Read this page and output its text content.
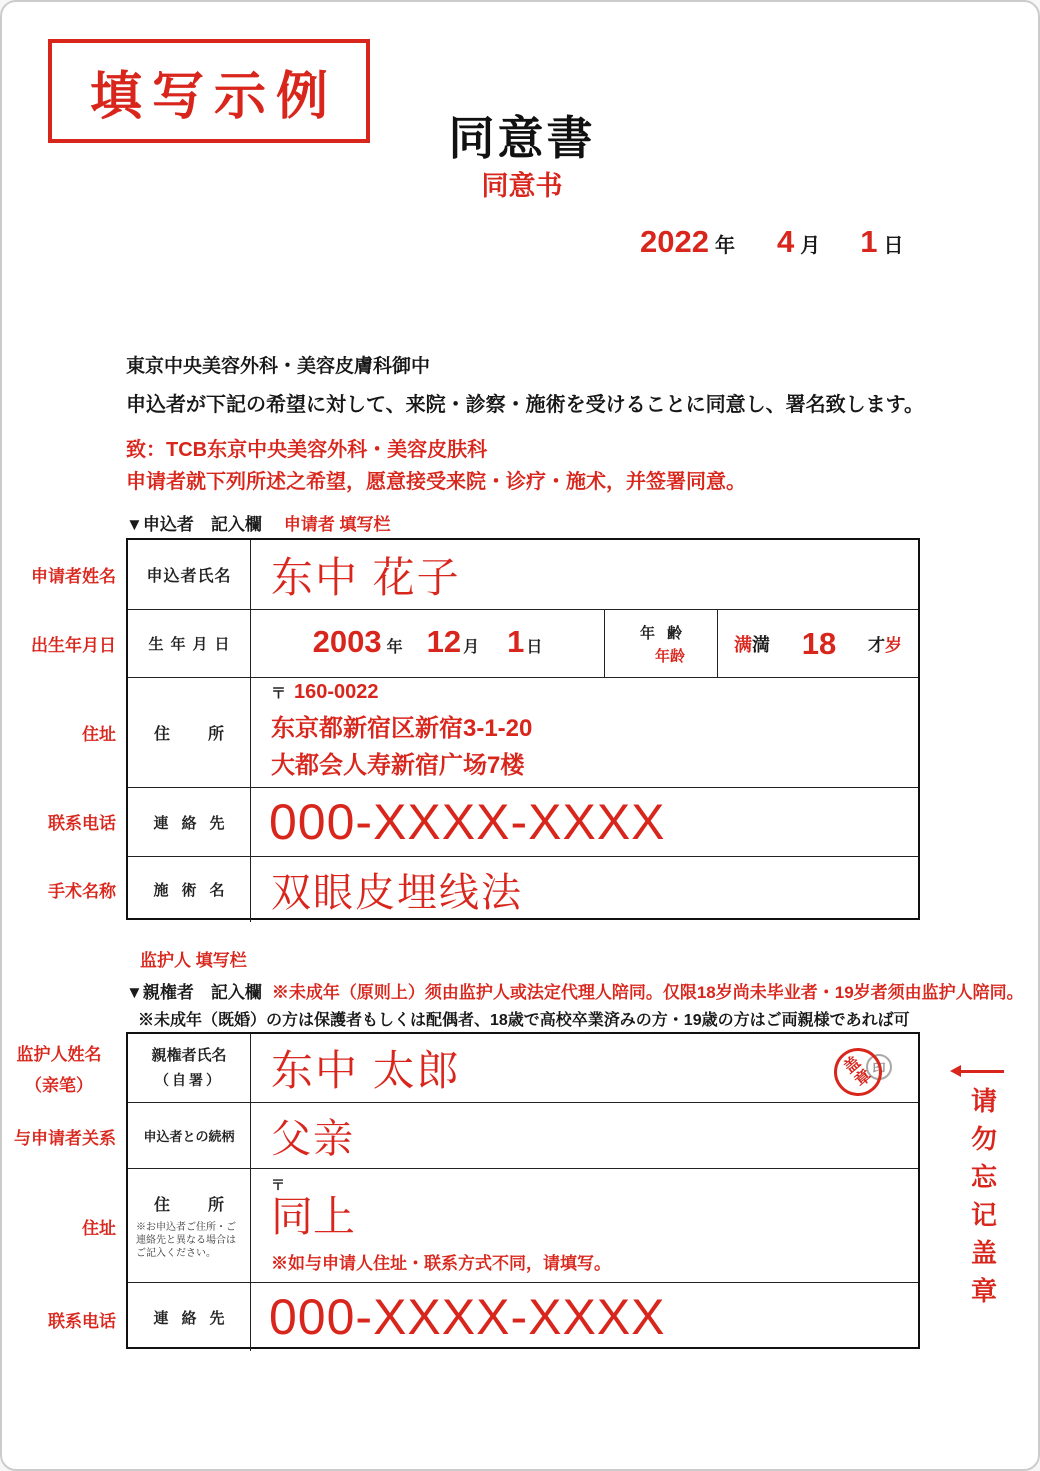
填写示例
同意書
同意书
2022 年 4 月 1 日
東京中央美容外科・美容皮膚科御中
申込者が下記の希望に対して、来院・診察・施術を受けることに同意し、署名致します。
致：TCB东京中央美容外科・美容皮肤科
申请者就下列所述之希望，愿意接受来院・诊疗・施术，并签署同意。
▼申込者　記入欄 申请者 填写栏
申请者姓名
出生年月日
住址
联系电话
手术名称
申込者氏名 东中 花子
生年月日	2003 年 12 月 1 日
年齢
年龄
满満 18 才岁
住 所
〒 160-0022
东京都新宿区新宿3-1-20
大都会人寿新宿广场7楼
連絡先 000-XXXX-XXXX
施術名 双眼皮埋线法
监护人 填写栏
▼親権者　記入欄 ※未成年（原则上）须由监护人或法定代理人陪同。仅限18岁尚未毕业者・19岁者须由监护人陪同。
※未成年（既婚）の方は保護者もしくは配偶者、18歳で高校卒業済みの方・19歳の方はご両親様であれば可
监护人姓名
（亲笔）
与申请者关系
住址
联系电话
親権者氏名
（自署）	东中 太郎
申込者との続柄 父亲
住 所
※お申込者ご住所・ご連絡先と異なる場合はご記入ください。
〒
同上
※如与申请人住址・联系方式不同，请填写。
連絡先 000-XXXX-XXXX
印
盖章
请
勿
忘
记
盖
章
